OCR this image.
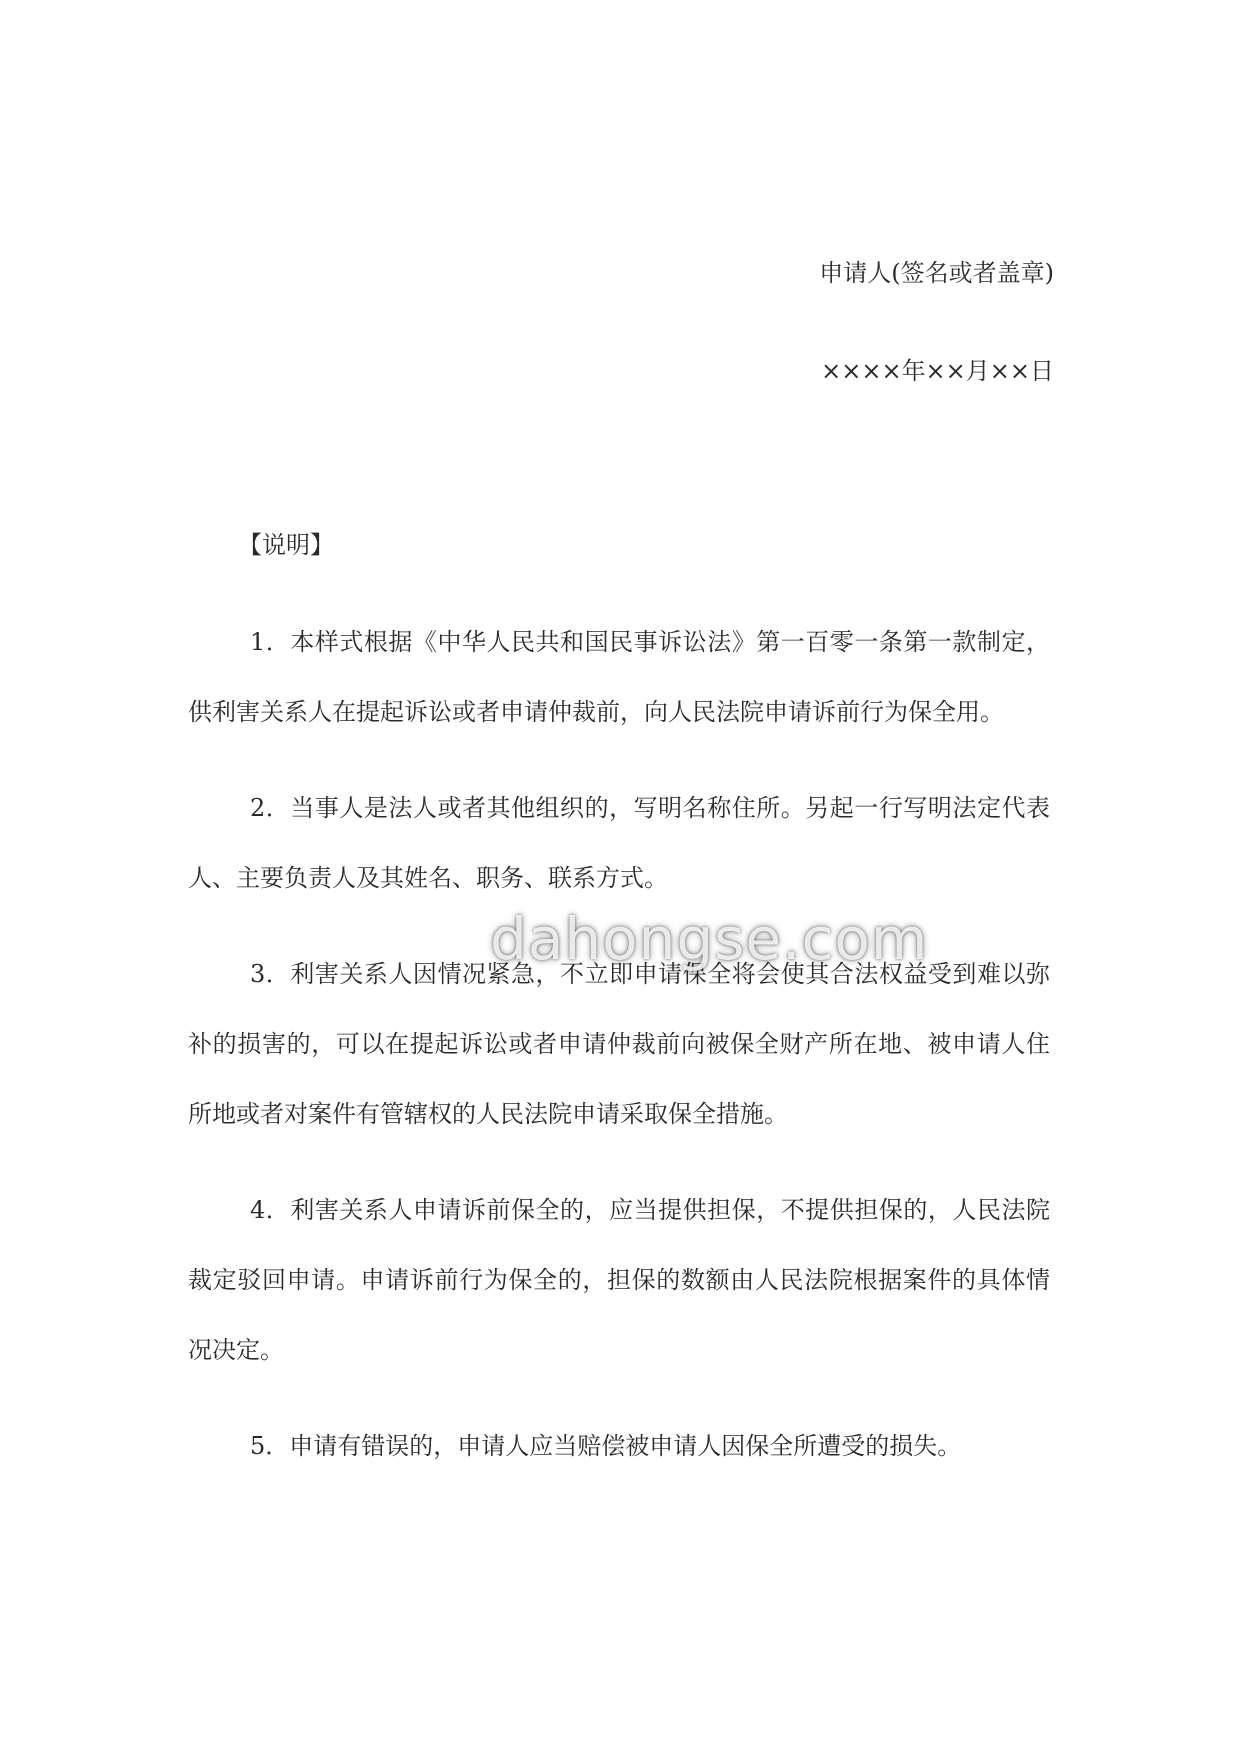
申请人(签名或者盖章)

××××年××月××日

【说明】

1．本样式根据《中华人民共和国民事诉讼法》第一百零一条第一款制定，供利害关系人在提起诉讼或者申请仲裁前，向人民法院申请诉前行为保全用。

2．当事人是法人或者其他组织的，写明名称住所。另起一行写明法定代表人、主要负责人及其姓名、职务、联系方式。

3．利害关系人因情况紧急，不立即申请保全将会使其合法权益受到难以弥补的损害的，可以在提起诉讼或者申请仲裁前向被保全财产所在地、被申请人住所地或者对案件有管辖权的人民法院申请采取保全措施。

4．利害关系人申请诉前保全的，应当提供担保，不提供担保的，人民法院裁定驳回申请。申请诉前行为保全的，担保的数额由人民法院根据案件的具体情况决定。

5．申请有错误的，申请人应当赔偿被申请人因保全所遭受的损失。

dahongse.com
